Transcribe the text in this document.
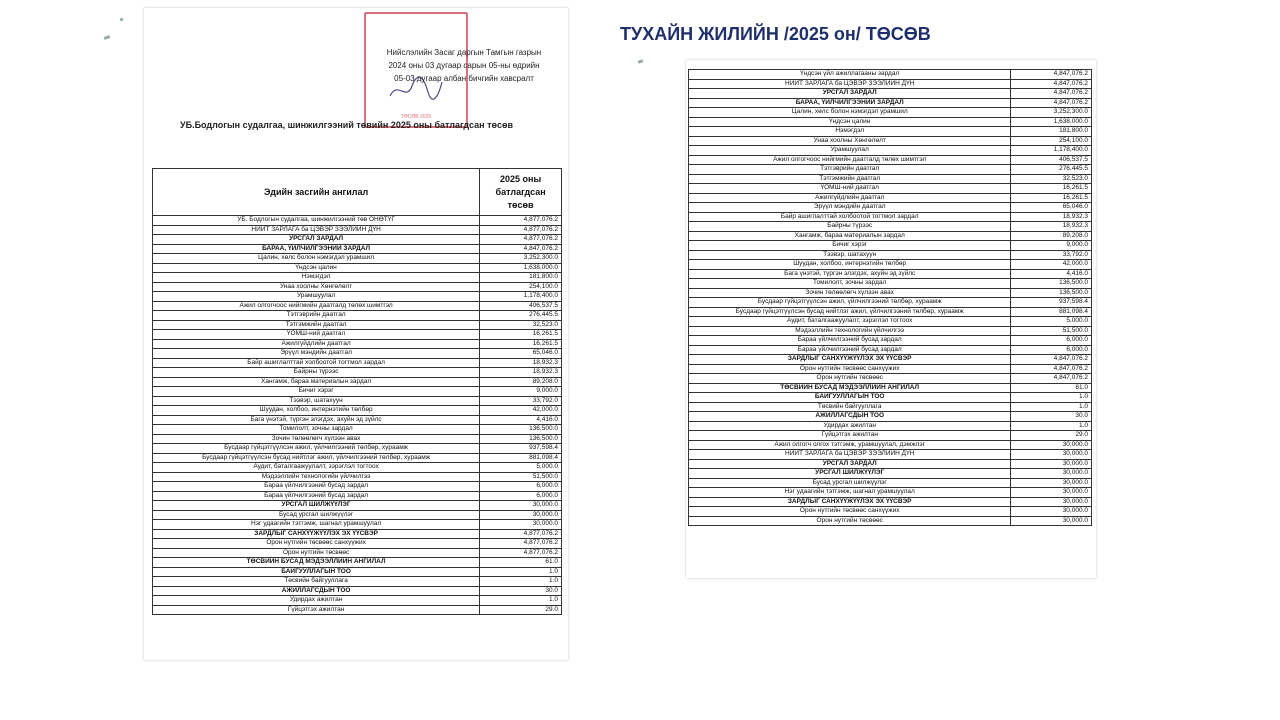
ТУХАЙН ЖИЛИЙН /2025 он/ ТӨСӨВ
ТӨСӨВ 2025
Нийслэлийн Засаг даргын Тамгын газрын
2024 оны 03 дугаар сарын 05-ны өдрийн
05-03 дугаар албан бичгийн хавсралт
УБ.Бодлогын судалгаа, шинжилгээний төвийн 2025 оны батлагдсан төсөв
Эдийн засгийн ангилал	2025 оны
батлагдсан
төсөв

УБ. Бодлогын судалгаа, шинжилгээний төв ОНӨТҮГ	4,877,076.2
НИЙТ ЗАРЛАГА ба ЦЭВЭР ЗЭЭЛИЙН ДҮН	4,877,076.2
УРСГАЛ ЗАРДАЛ	4,877,076.2
БАРАА, ҮЙЛЧИЛГЭЭНИЙ ЗАРДАЛ	4,847,076.2
Цалин, хөлс болон нэмэгдэл урамшил	3,252,300.0
Үндсэн цалин	1,638,000.0
Нэмэгдэл	181,800.0
Унаа хоолны Хөнгөлөлт	254,100.0
Урамшуулал	1,178,400.0
Ажил олгогчоос нийгмийн даатгалд төлөх шимтгэл	406,537.5
Тэтгэврийн даатгал	276,445.5
Тэтгэмжийн даатгал	32,523.0
ҮОМШ-ний даатгал	16,261.5
Ажилгүйдлийн даатгал	16,261.5
Эрүүл мэндийн даатгал	65,046.0
Байр ашиглалттай холбоотой тогтмол зардал	18,932.3
Байрны түрээс	18,932.3
Хангамж, бараа материалын зардал	89,208.0
Бичиг хэрэг	9,000.0
Тээвэр, шатахуун	33,792.0
Шуудан, холбоо, интернэтийн төлбөр	42,000.0
Бага үнэтэй, түргэн элэгдэх, ахуйн эд зүйлс	4,416.0
Томилолт, зочны зардал	136,500.0
Зочин төлөөлөгч хүлээн авах	136,500.0
Бусдаар гүйцэтгүүлсэн ажил, үйлчилгээний төлбөр, хураамж	937,598.4
Бусдаар гүйцэтгүүлсэн бусад нийтлэг ажил, үйлчилгээний төлбөр, хураамж	881,098.4
Аудит, баталгаажуулалт, зэрэглэл тогтоох	5,000.0
Мэдээллийн технологийн үйлчилгээ	51,500.0
Бараа үйлчилгээний бусад зардал	6,000.0
Бараа үйлчилгээний бусад зардал	6,000.0
УРСГАЛ ШИЛЖҮҮЛЭГ	30,000.0
Бусад урсгал шилжүүлэг	30,000.0
Нэг удаагийн тэтгэмж, шагнал урамшуулал	30,000.0
ЗАРДЛЫГ САНХҮҮЖҮҮЛЭХ ЭХ ҮҮСВЭР	4,877,076.2
Орон нутгийн төсвөөс санхүүжих	4,877,076.2
Орон нутгийн төсвөөс	4,877,076.2
ТӨСВИЙН БУСАД МЭДЭЭЛЛИЙН АНГИЛАЛ	61.0
БАЙГУУЛЛАГЫН ТОО	1.0
Төсвийн байгууллага	1.0
АЖИЛЛАГСДЫН ТОО	30.0
Удирдах ажилтан	1.0
Гүйцэтгэх ажилтан	29.0
Үндсэн үйл ажиллагааны зардал	4,847,076.2
НИЙТ ЗАРЛАГА ба ЦЭВЭР ЗЭЭЛИЙН ДҮН	4,847,076.2
УРСГАЛ ЗАРДАЛ	4,847,076.2
БАРАА, ҮЙЛЧИЛГЭЭНИЙ ЗАРДАЛ	4,847,076.2
Цалин, хөлс болон нэмэгдэл урамшил	3,252,300.0
Үндсэн цалин	1,638,000.0
Нэмэгдэл	181,800.0
Унаа хоолны Хөнгөлөлт	254,100.0
Урамшуулал	1,178,400.0
Ажил олгогчоос нийгмийн даатгалд төлөх шимтгэл	406,537.5
Тэтгэврийн даатгал	276,445.5
Тэтгэмжийн даатгал	32,523.0
ҮОМШ-ний даатгал	16,261.5
Ажилгүйдлийн даатгал	16,261.5
Эрүүл мэндийн даатгал	65,046.0
Байр ашиглалттай холбоотой тогтмол зардал	18,932.3
Байрны түрээс	18,932.3
Хангамж, бараа материалын зардал	89,208.0
Бичиг хэрэг	9,000.0
Тээвэр, шатахуун	33,792.0
Шуудан, холбоо, интернэтийн төлбөр	42,000.0
Бага үнэтэй, түргэн элэгдэх, ахуйн эд зүйлс	4,416.0
Томилолт, зочны зардал	136,500.0
Зочин төлөөлөгч хүлээн авах	136,500.0
Бусдаар гүйцэтгүүлсэн ажил, үйлчилгээний төлбөр, хураамж	937,598.4
Бусдаар гүйцэтгүүлсэн бусад нийтлэг ажил, үйлчилгээний төлбөр, хураамж	881,098.4
Аудит, баталгаажуулалт, зэрэглэл тогтоох	5,000.0
Мэдээллийн технологийн үйлчилгээ	51,500.0
Бараа үйлчилгээний бусад зардал	6,000.0
Бараа үйлчилгээний бусад зардал	6,000.0
ЗАРДЛЫГ САНХҮҮЖҮҮЛЭХ ЭХ ҮҮСВЭР	4,847,076.2
Орон нутгийн төсвөөс санхүүжих	4,847,076.2
Орон нутгийн төсвөөс	4,847,076.2
ТӨСВИЙН БУСАД МЭДЭЭЛЛИЙН АНГИЛАЛ	61.0
БАЙГУУЛЛАГЫН ТОО	1.0
Төсвийн байгууллага	1.0
АЖИЛЛАГСДЫН ТОО	30.0
Удирдах ажилтан	1.0
Гүйцэтгэх ажилтан	29.0
Ажил олгогч олгох тэтгэмж, урамшуулал, дэмжлэг	30,000.0
НИЙТ ЗАРЛАГА ба ЦЭВЭР ЗЭЭЛИЙН ДҮН	30,000.0
УРСГАЛ ЗАРДАЛ	30,000.0
УРСГАЛ ШИЛЖҮҮЛЭГ	30,000.0
Бусад урсгал шилжүүлэг	30,000.0
Нэг удаагийн тэтгэмж, шагнал урамшуулал	30,000.0
ЗАРДЛЫГ САНХҮҮЖҮҮЛЭХ ЭХ ҮҮСВЭР	30,000.0
Орон нутгийн төсвөөс санхүүжих	30,000.0
Орон нутгийн төсвөөс	30,000.0
